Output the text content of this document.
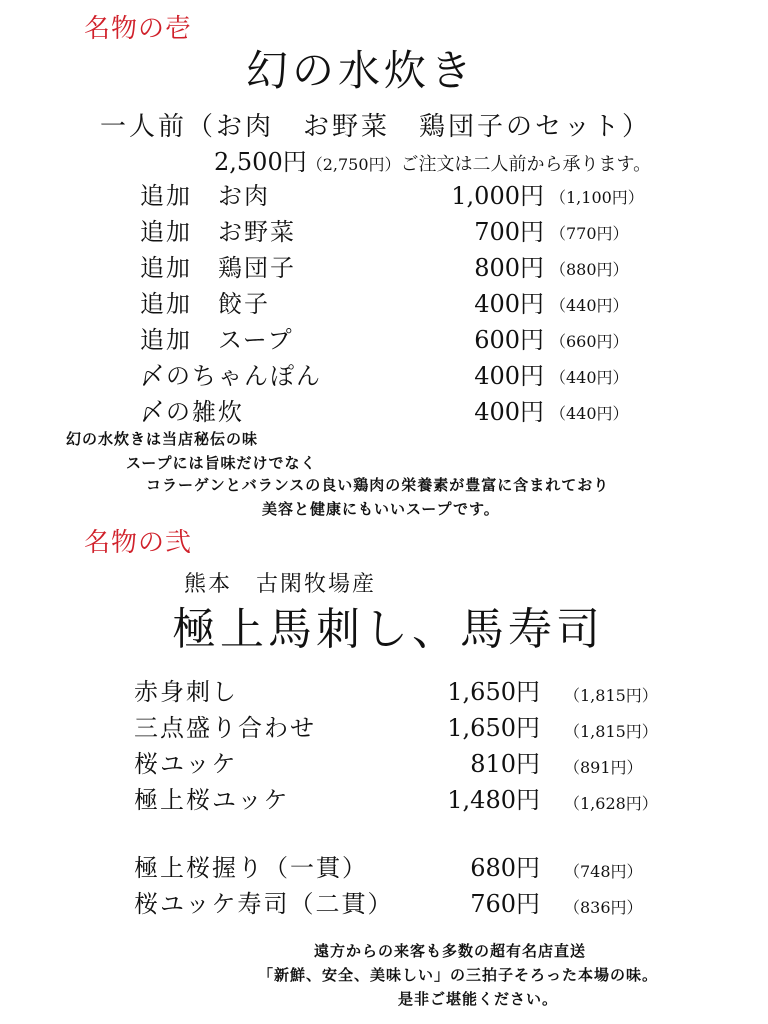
名物の壱
幻の水炊き
一人前（お肉　お野菜　鶏団子のセット）
2,500円（2,750円）ご注文は二人前から承ります。
追加　お肉	1,000円 （1,100円）
追加　お野菜	700円 （770円）
追加　鶏団子	800円 （880円）
追加　餃子	400円 （440円）
追加　スープ	600円 （660円）
〆のちゃんぽん	400円 （440円）
〆の雑炊	400円 （440円）
幻の水炊きは当店秘伝の味
スープには旨味だけでなく
コラーゲンとバランスの良い鶏肉の栄養素が豊富に含まれており
美容と健康にもいいスープです。
名物の弐
熊本　古閑牧場産
極上馬刺し、馬寿司
赤身刺し	1,650円 （1,815円）
三点盛り合わせ	1,650円 （1,815円）
桜ユッケ	810円 （891円）
極上桜ユッケ	1,480円 （1,628円）
極上桜握り（一貫）	680円 （748円）
桜ユッケ寿司（二貫）	760円 （836円）
遠方からの来客も多数の超有名店直送
「新鮮、安全、美味しい」の三拍子そろった本場の味。
是非ご堪能ください。
